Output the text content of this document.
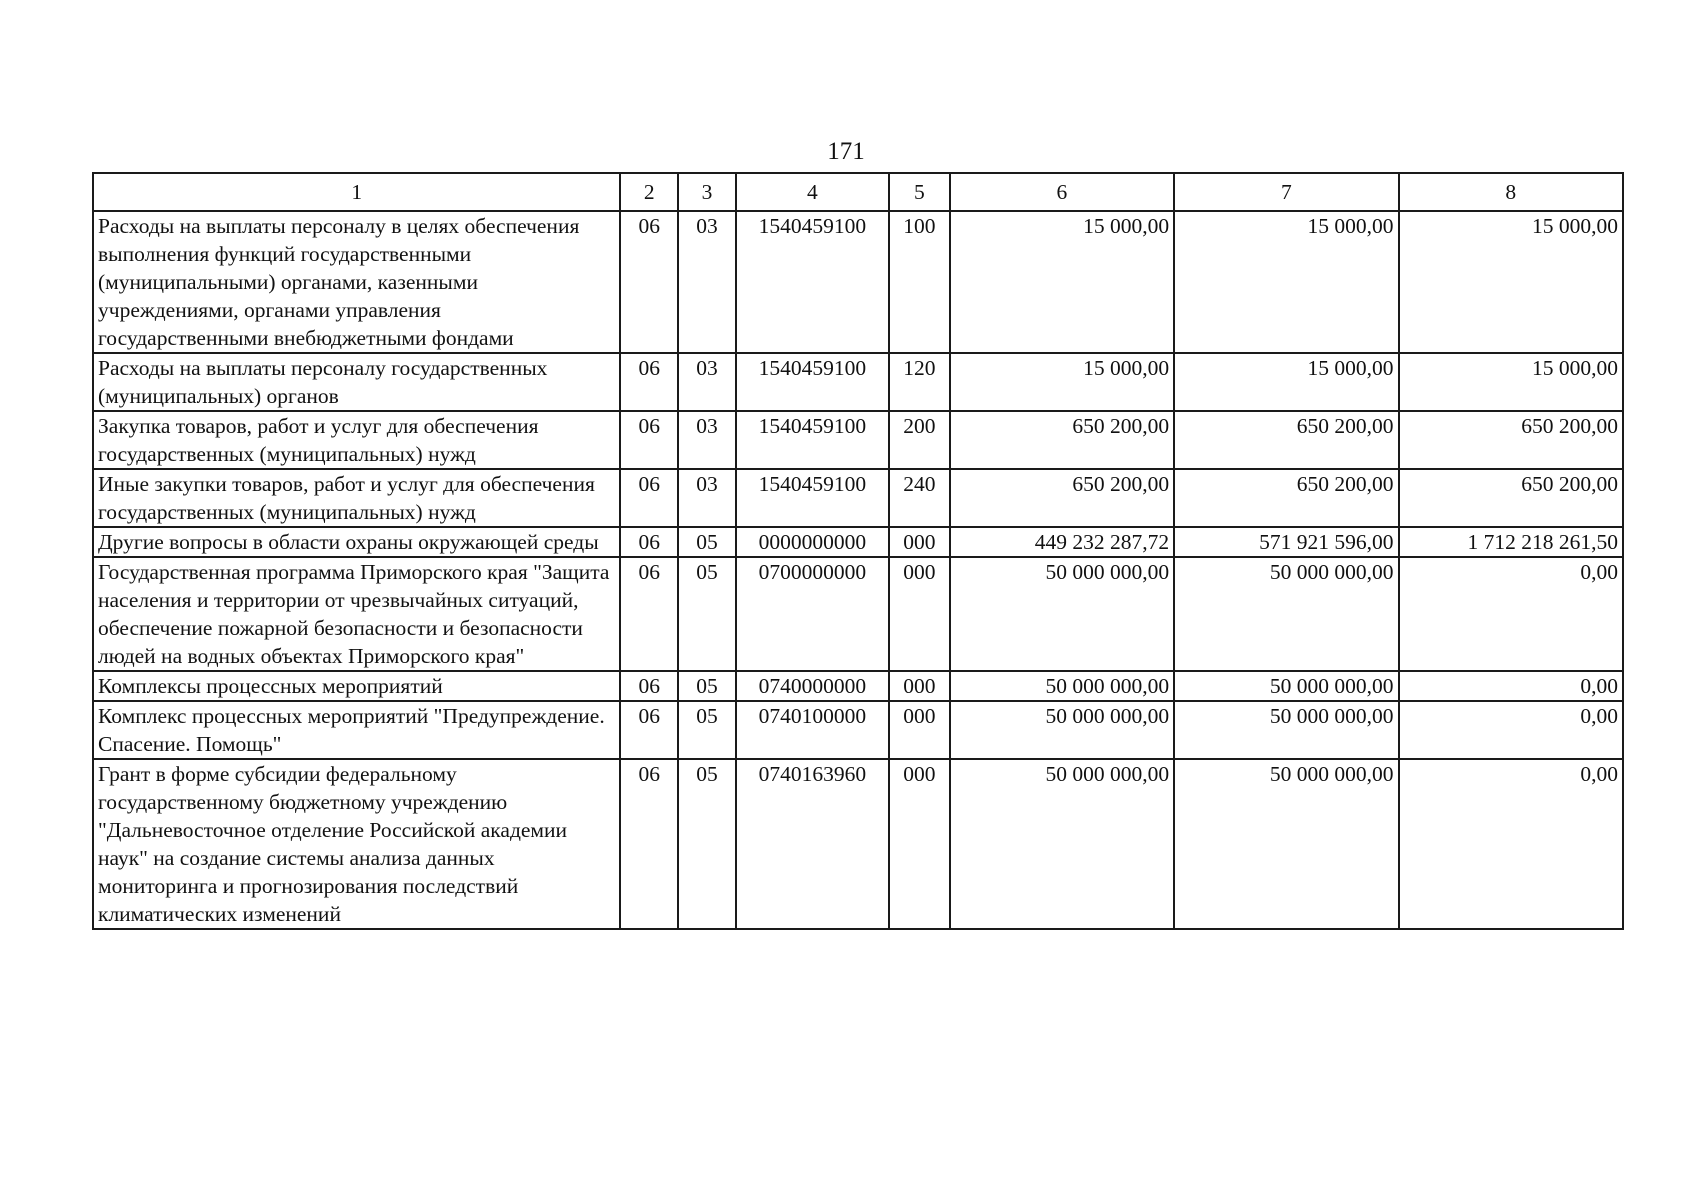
171
1	2	3	4	5	6	7	8
Расходы на выплаты персоналу в целях обеспечения выполнения функций государственными (муниципальными) органами, казенными учреждениями, органами управления государственными внебюджетными фондами	06	03	1540459100	100	15 000,00	15 000,00	15 000,00
Расходы на выплаты персоналу государственных (муниципальных) органов	06	03	1540459100	120	15 000,00	15 000,00	15 000,00
Закупка товаров, работ и услуг для обеспечения государственных (муниципальных) нужд	06	03	1540459100	200	650 200,00	650 200,00	650 200,00
Иные закупки товаров, работ и услуг для обеспечения государственных (муниципальных) нужд	06	03	1540459100	240	650 200,00	650 200,00	650 200,00
Другие вопросы в области охраны окружающей среды	06	05	0000000000	000	449 232 287,72	571 921 596,00	1 712 218 261,50
Государственная программа Приморского края "Защита населения и территории от чрезвычайных ситуаций, обеспечение пожарной безопасности и безопасности людей на водных объектах Приморского края"	06	05	0700000000	000	50 000 000,00	50 000 000,00	0,00
Комплексы процессных мероприятий	06	05	0740000000	000	50 000 000,00	50 000 000,00	0,00
Комплекс процессных мероприятий "Предупреждение. Спасение. Помощь"	06	05	0740100000	000	50 000 000,00	50 000 000,00	0,00
Грант в форме субсидии федеральному государственному бюджетному учреждению "Дальневосточное отделение Российской академии наук" на создание системы анализа данных мониторинга и прогнозирования последствий климатических изменений	06	05	0740163960	000	50 000 000,00	50 000 000,00	0,00
